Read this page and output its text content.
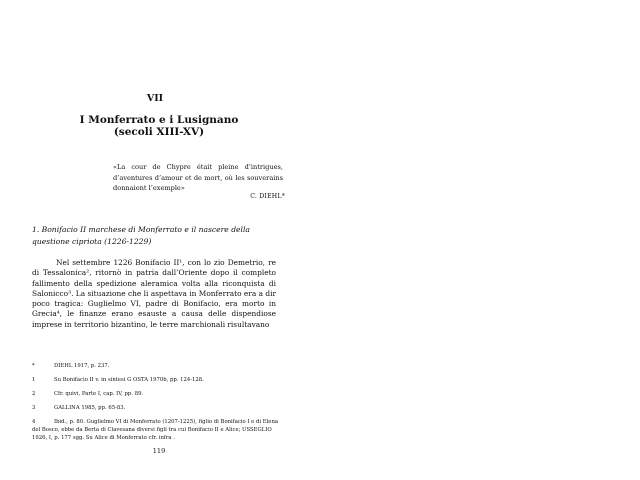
VII
I Monferrato e i Lusignano
(secoli XIII-XV)
«La cour de Chypre était pleine d’intrigues, d’aventures d’amour et de mort, où les souverains donnaient l’exemple»
C. DIEHL*
1. Bonifacio II marchese di Monferrato e il nascere della questione cipriota (1226-1229)

Nel settembre 1226 Bonifacio II¹, con lo zio Demetrio, re di Tessalonica², ritornò in patria dall’Oriente dopo il completo fallimento della spedizione aleramica volta alla riconquista di Salonicco³. La situazione che li aspettava in Monferrato era a dir poco tragica: Guglielmo VI, padre di Bonifacio, era morto in Grecia⁴, le finanze erano esauste a causa delle dispendiose imprese in territorio bizantino, le terre marchionali risultavano

*	DIEHL 1917, p. 237.
1	Su Bonifacio II v. in sintesi G OSTA 1970b, pp. 124-128.
2	Cfr. quivi, Parte I, cap. IV, pp. 89.
3	GALLINA 1985, pp. 65-83.
4	Ibid., p. 80. Guglielmo VI di Monferrato (1207-1225), figlio di Bonifacio I e di Elena del Bosco, ebbe da Berta di Clavesana diversi figli tra cui Bonifacio II e Alice; USSEGLIO 1926, I, p. 177 sgg. Su Alice di Monferrato cfr. infra .
119
